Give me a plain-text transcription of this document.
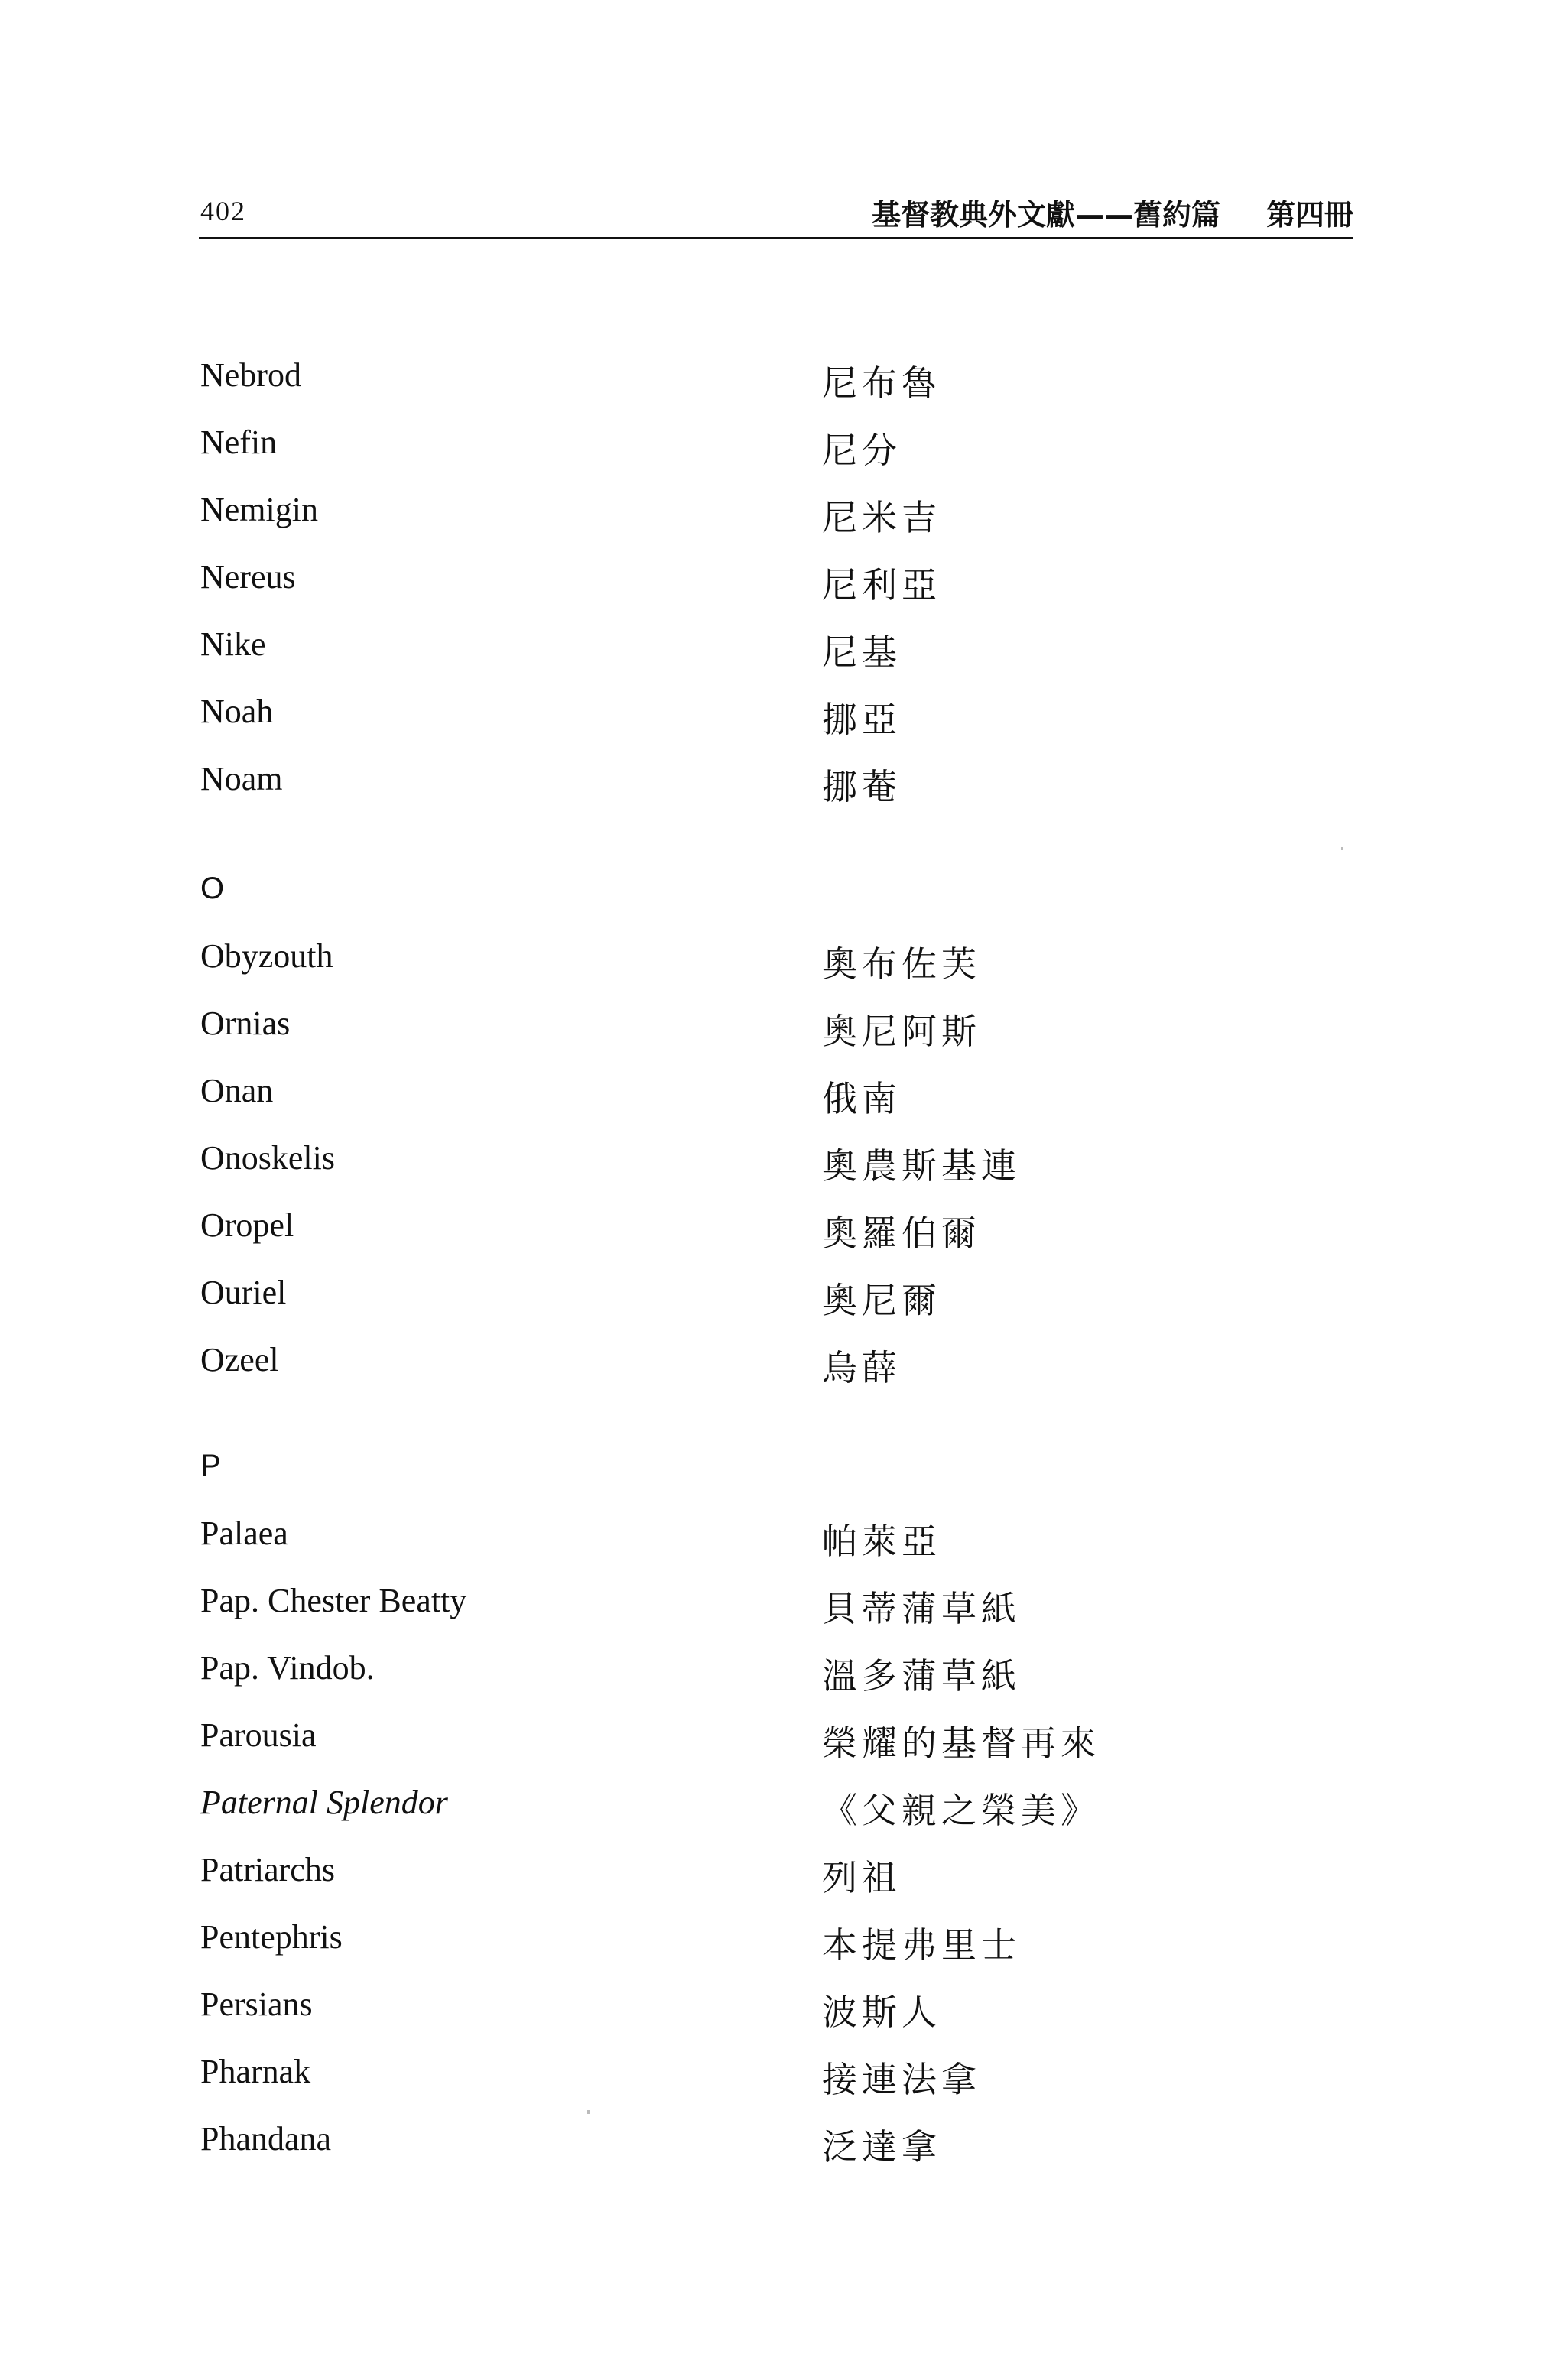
402	基督教典外文獻——舊約篇 第四冊
Nebrod	尼布魯
Nefin	尼分
Nemigin	尼米吉
Nereus	尼利亞
Nike	尼基
Noah	挪亞
Noam	挪菴
O
Obyzouth	奧布佐芙
Ornias	奧尼阿斯
Onan	俄南
Onoskelis	奧農斯基連
Oropel	奧羅伯爾
Ouriel	奧尼爾
Ozeel	烏薛
P
Palaea	帕萊亞
Pap. Chester Beatty	貝蒂蒲草紙
Pap. Vindob.	溫多蒲草紙
Parousia	榮耀的基督再來
Paternal Splendor	《父親之榮美》
Patriarchs	列祖
Pentephris	本提弗里士
Persians	波斯人
Pharnak	接連法拿
Phandana	泛達拿
